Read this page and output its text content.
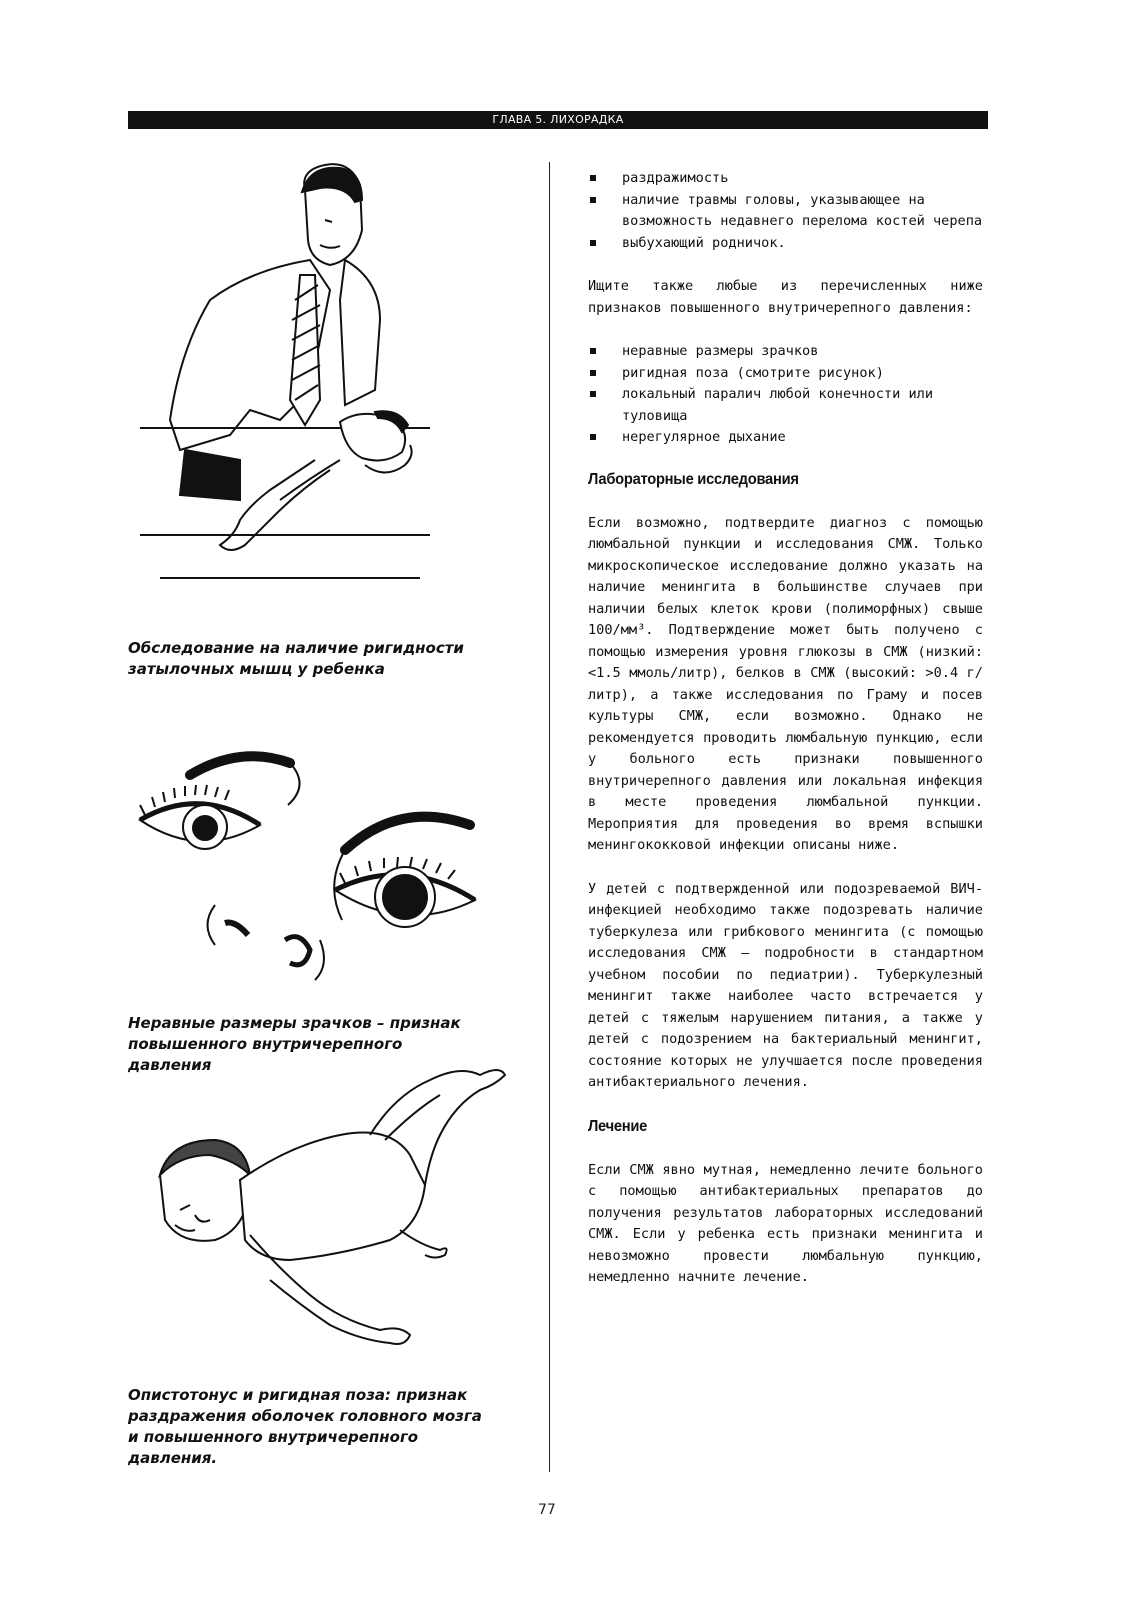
ГЛАВА 5. ЛИХОРАДКА

Обследование на наличие ригидности затылочных мышц у ребенка

Неравные размеры зрачков – признак повышенного внутричерепного давления

Опистотонус и ригидная поза: признак раздражения оболочек головного мозга и повышенного внутричерепного давления.

раздражимость
наличие травмы головы, указывающее на возможность недавнего перелома костей черепа
выбухающий родничок.

Ищите также любые из перечисленных ниже признаков повышенного внутричерепного давления:

неравные размеры зрачков
ригидная поза (смотрите рисунок)
локальный паралич любой конечности или туловища
нерегулярное дыхание
Лабораторные исследования

Если возможно, подтвердите диагноз с помощью люмбальной пункции и исследования СМЖ. Только микроскопическое исследование должно указать на наличие менингита в большинстве случаев при наличии белых клеток крови (полиморфных) свыше 100/мм³. Подтверждение может быть получено с помощью измерения уровня глюкозы в СМЖ (низкий: <1.5 ммоль/литр), белков в СМЖ (высокий: >0.4 г/литр), а также исследования по Граму и посев культуры СМЖ, если возможно. Однако не рекомендуется проводить люмбальную пункцию, если у больного есть признаки повышенного внутричерепного давления или локальная инфекция в месте проведения люмбальной пункции. Мероприятия для проведения во время вспышки менингококковой инфекции описаны ниже.

У детей с подтвержденной или подозреваемой ВИЧ-инфекцией необходимо также подозревать наличие туберкулеза или грибкового менингита (с помощью исследования СМЖ – подробности в стандартном учебном пособии по педиатрии). Туберкулезный менингит также наиболее часто встречается у детей с тяжелым нарушением питания, а также у детей с подозрением на бактериальный менингит, состояние которых не улучшается после проведения антибактериального лечения.

Лечение

Если СМЖ явно мутная, немедленно лечите больного с помощью антибактериальных препаратов до получения результатов лабораторных исследований СМЖ. Если у ребенка есть признаки менингита и невозможно провести люмбальную пункцию, немедленно начните лечение.

77
